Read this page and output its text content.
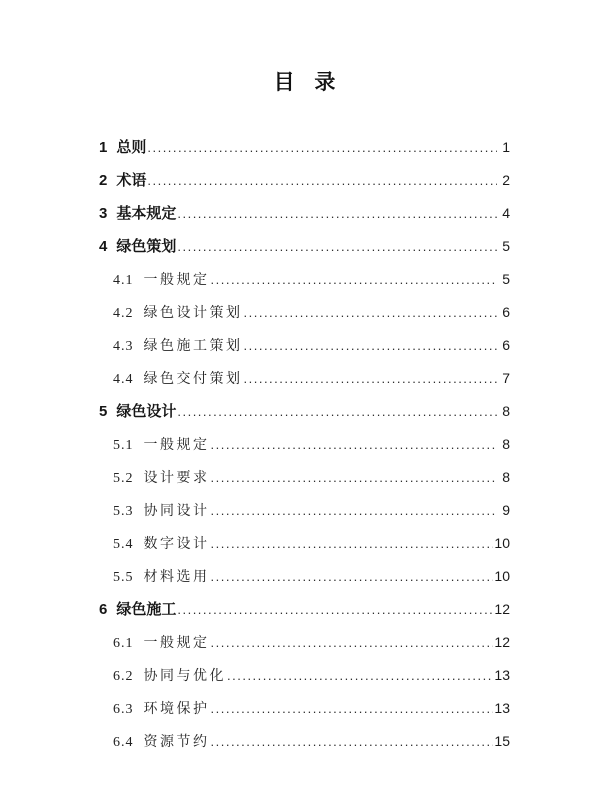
目 录
1 总则 .....	1
2 术语 .....	2
3 基本规定 .....	4
4 绿色策划 .....	5
4.1 一般规定 .....	5
4.2 绿色设计策划 .....	6
4.3 绿色施工策划 .....	6
4.4 绿色交付策划 .....	7
5 绿色设计 .....	8
5.1 一般规定 .....	8
5.2 设计要求 .....	8
5.3 协同设计 .....	9
5.4 数字设计 .....	10
5.5 材料选用 .....	10
6 绿色施工 .....	12
6.1 一般规定 .....	12
6.2 协同与优化 .....	13
6.3 环境保护 .....	13
6.4 资源节约 .....	15
